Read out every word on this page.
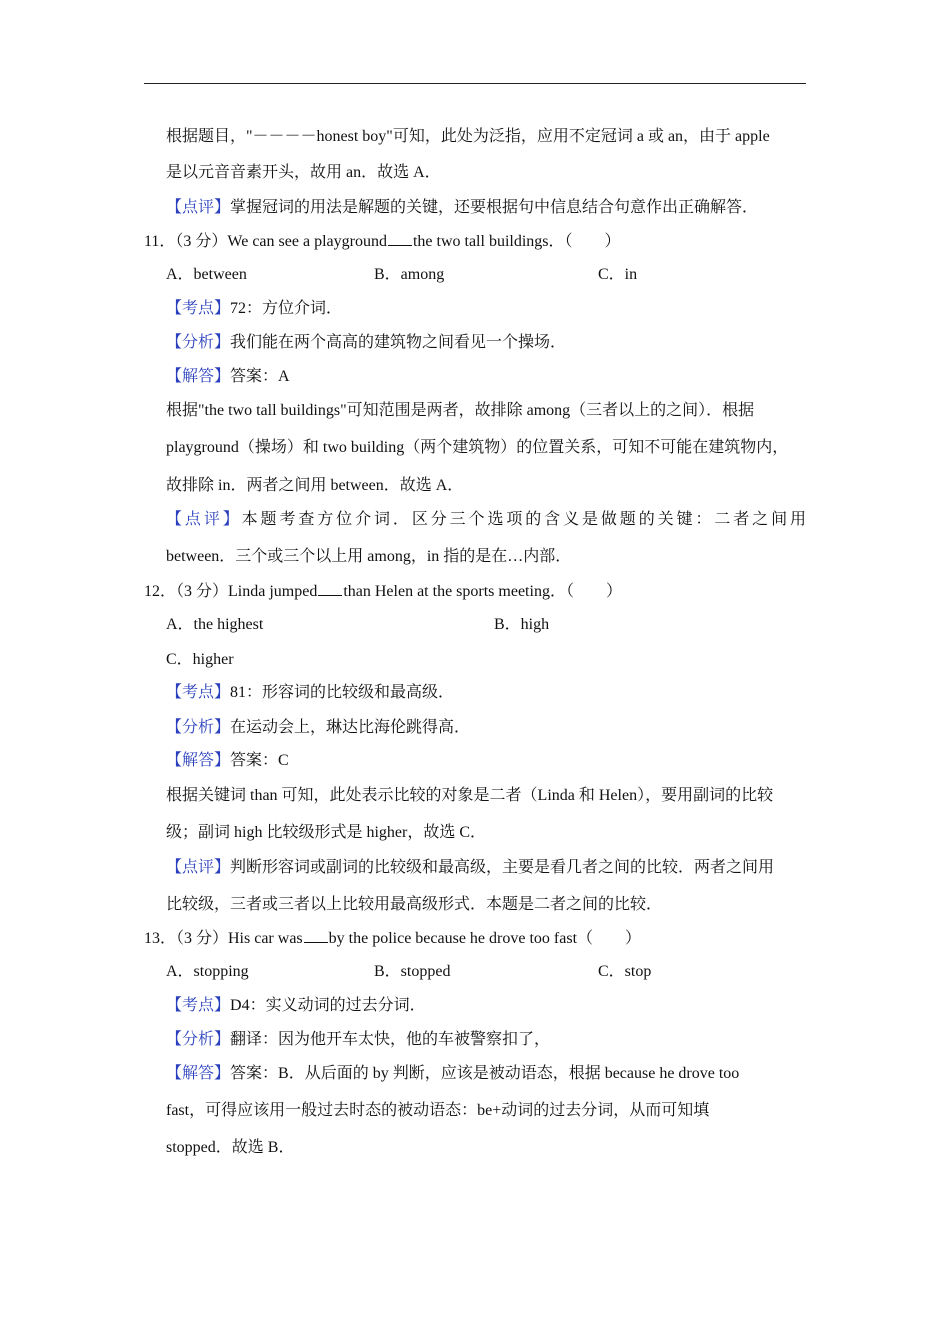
根据题目，"－－－－honest boy"可知，此处为泛指，应用不定冠词 a 或 an，由于 apple
是以元音音素开头，故用 an．故选 A．
【点评】掌握冠词的用法是解题的关键，还要根据句中信息结合句意作出正确解答．
11．（3 分）We can see a playground the two tall buildings．（　　）
A．between	B．among	C．in
【考点】72：方位介词．
【分析】我们能在两个高高的建筑物之间看见一个操场．
【解答】答案：A
根据"the two tall buildings"可知范围是两者，故排除 among（三者以上的之间）．根据
playground（操场）和 two building（两个建筑物）的位置关系，可知不可能在建筑物内，
故排除 in．两者之间用 between．故选 A．
【点评】本题考查方位介词．区分三个选项的含义是做题的关键：二者之间用
between．三个或三个以上用 among，in 指的是在…内部．
12．（3 分）Linda jumped than Helen at the sports meeting．（　　）
A．the highest	B．high
C．higher
【考点】81：形容词的比较级和最高级．
【分析】在运动会上，琳达比海伦跳得高．
【解答】答案：C
根据关键词 than 可知，此处表示比较的对象是二者（Linda 和 Helen），要用副词的比较
级；副词 high 比较级形式是 higher，故选 C．
【点评】判断形容词或副词的比较级和最高级，主要是看几者之间的比较．两者之间用
比较级，三者或三者以上比较用最高级形式．本题是二者之间的比较．
13．（3 分）His car was by the police because he drove too fast（　　）
A．stopping	B．stopped	C．stop
【考点】D4：实义动词的过去分词．
【分析】翻译：因为他开车太快，他的车被警察扣了，
【解答】答案：B．从后面的 by 判断，应该是被动语态，根据 because he drove too
fast，可得应该用一般过去时态的被动语态：be+动词的过去分词，从而可知填
stopped．故选 B．
